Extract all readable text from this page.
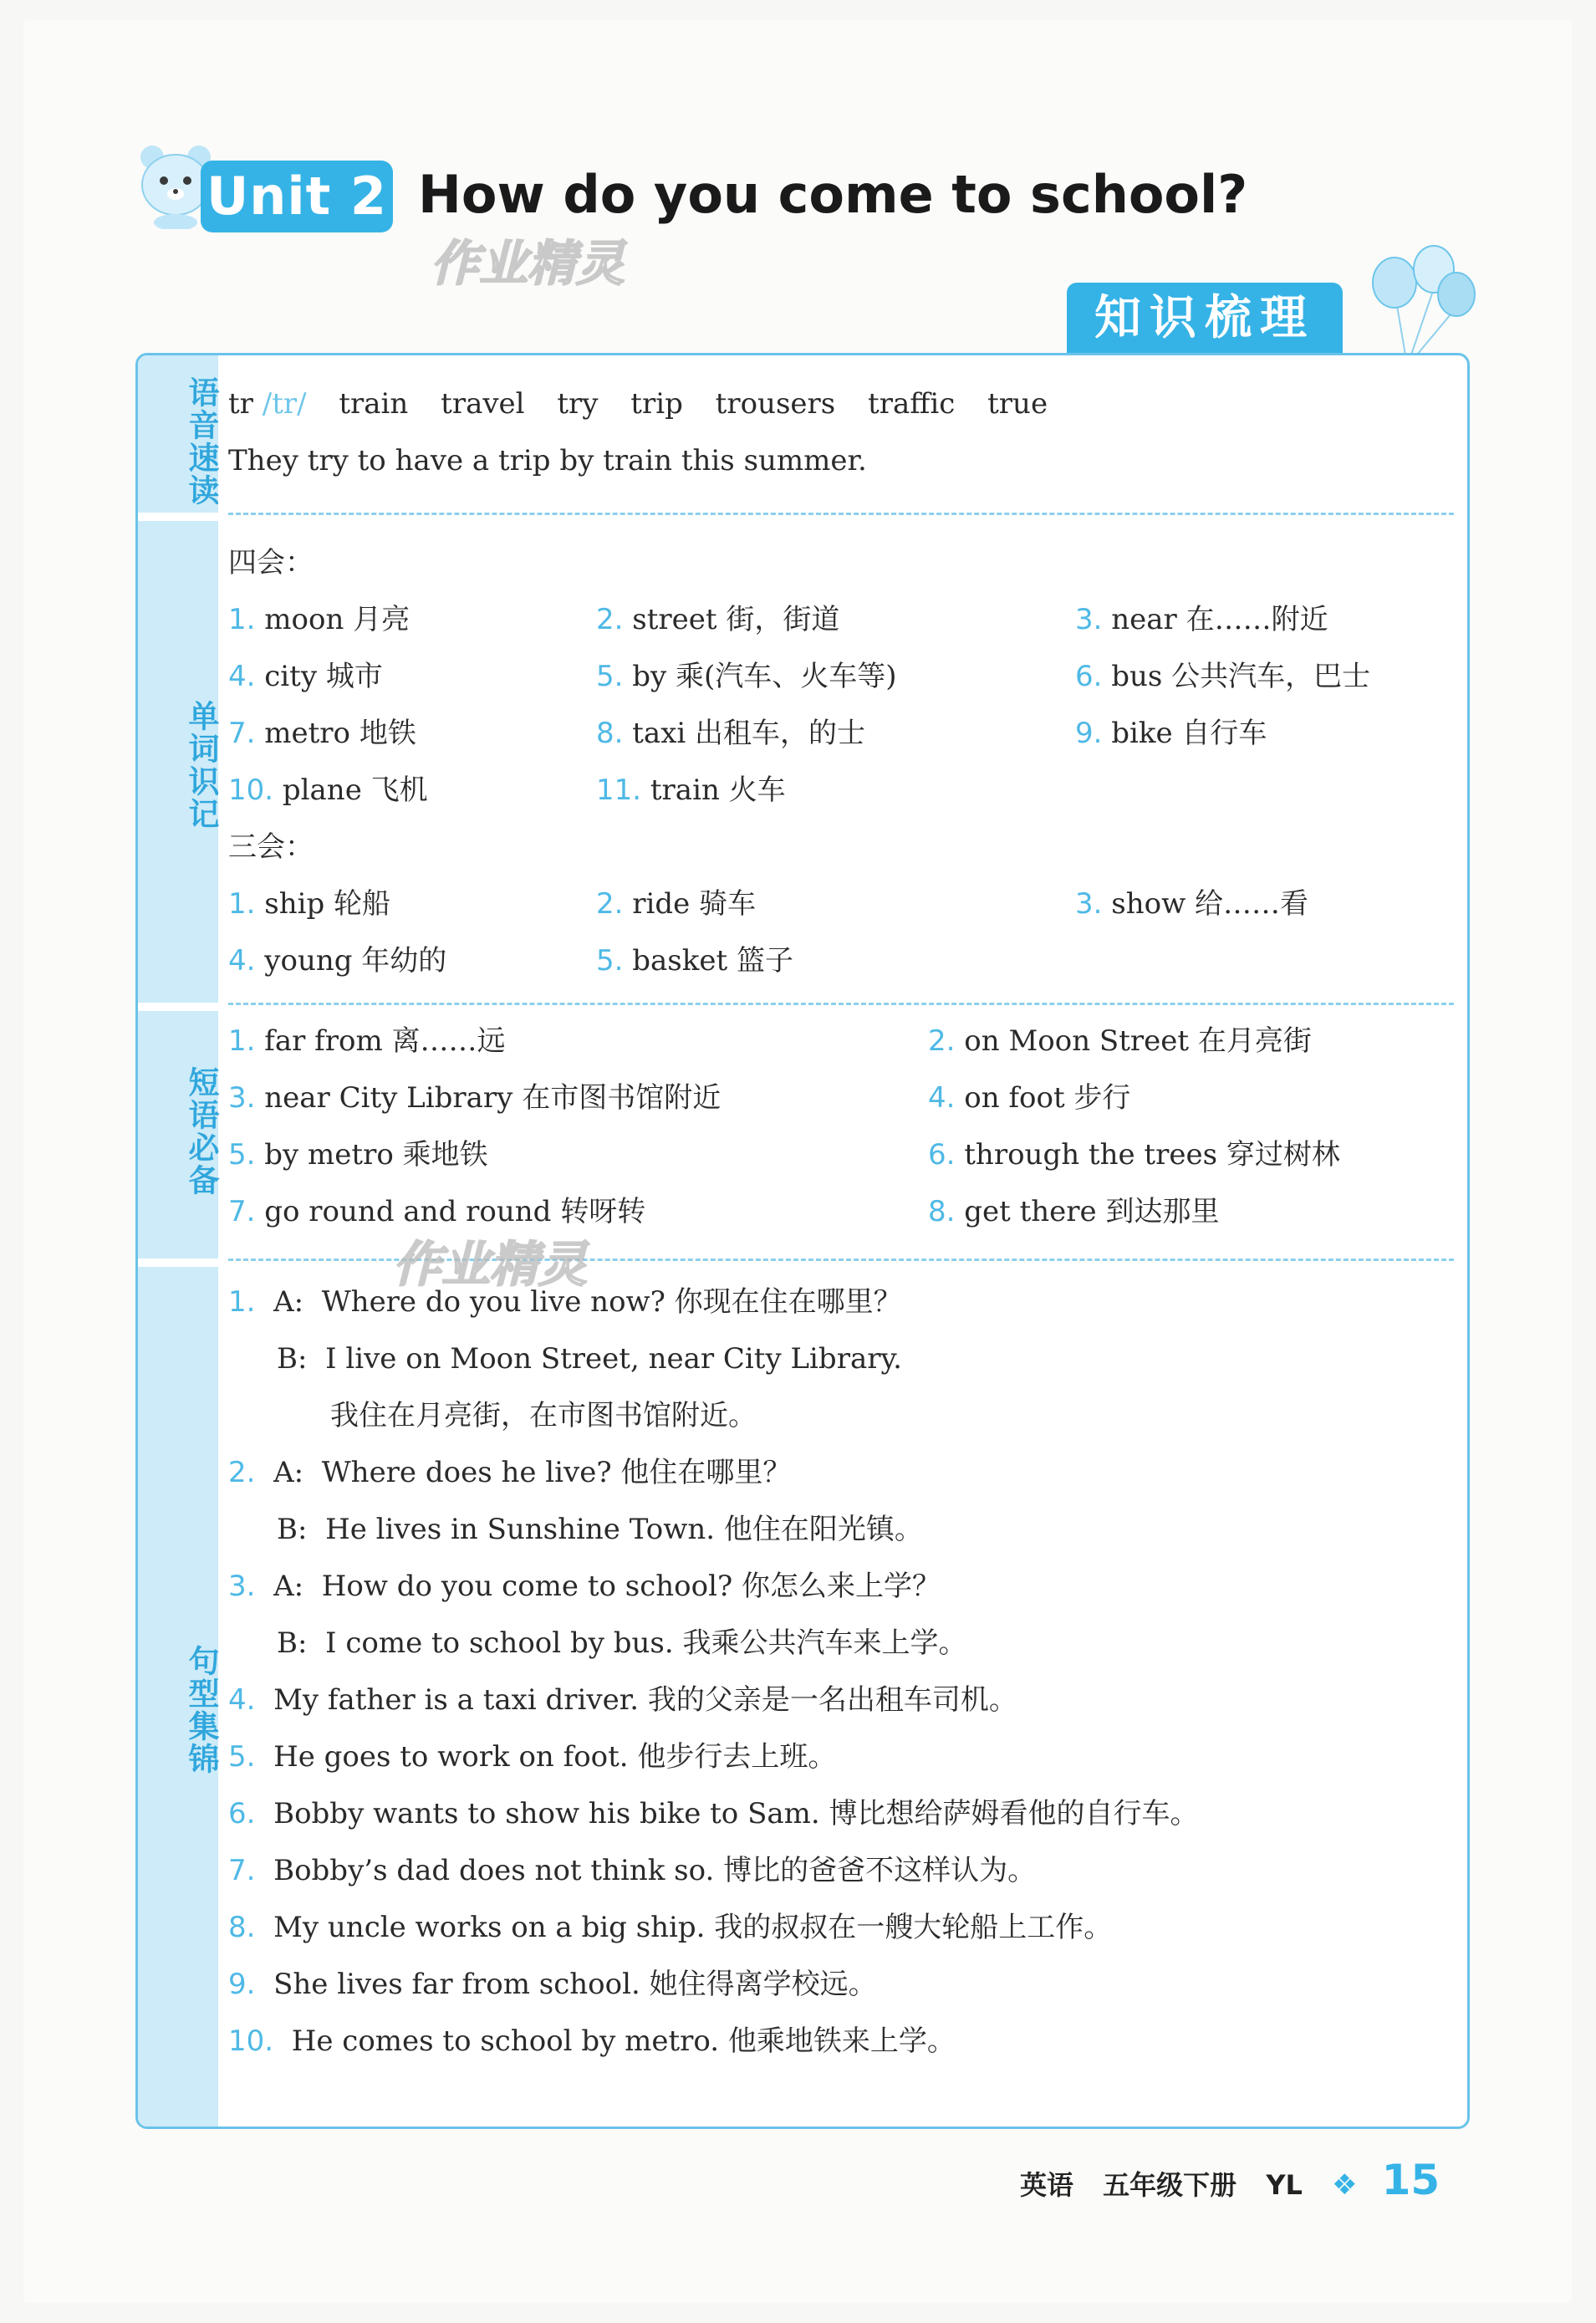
Unit 2 How do you come to school?
作业精灵
知识梳理
语音速读
单词识记
短语必备
句型集锦
tr /tr/ train travel try trip trousers traffic true
They try to have a trip by train this summer.
四会：
1. moon 月亮	2. street 街，街道	3. near 在……附近
4. city 城市	5. by 乘(汽车、火车等)	6. bus 公共汽车，巴士
7. metro 地铁	8. taxi 出租车，的士	9. bike 自行车
10. plane 飞机	11. train 火车
三会：
1. ship 轮船	2. ride 骑车	3. show 给……看
4. young 年幼的	5. basket 篮子
1. far from 离……远	2. on Moon Street 在月亮街
3. near City Library 在市图书馆附近	4. on foot 步行
5. by metro 乘地铁	6. through the trees 穿过树林
7. go round and round 转呀转	8. get there 到达那里
1. A: Where do you live now? 你现在住在哪里？
B: I live on Moon Street, near City Library.
我住在月亮街，在市图书馆附近。
2. A: Where does he live? 他住在哪里？
B: He lives in Sunshine Town. 他住在阳光镇。
3. A: How do you come to school? 你怎么来上学？
B: I come to school by bus. 我乘公共汽车来上学。
4. My father is a taxi driver. 我的父亲是一名出租车司机。
5. He goes to work on foot. 他步行去上班。
6. Bobby wants to show his bike to Sam. 博比想给萨姆看他的自行车。
7. Bobby’s dad does not think so. 博比的爸爸不这样认为。
8. My uncle works on a big ship. 我的叔叔在一艘大轮船上工作。
9. She lives far from school. 她住得离学校远。
10. He comes to school by metro. 他乘地铁来上学。
作业精灵
英语 五年级下册 YL ❖ 15
